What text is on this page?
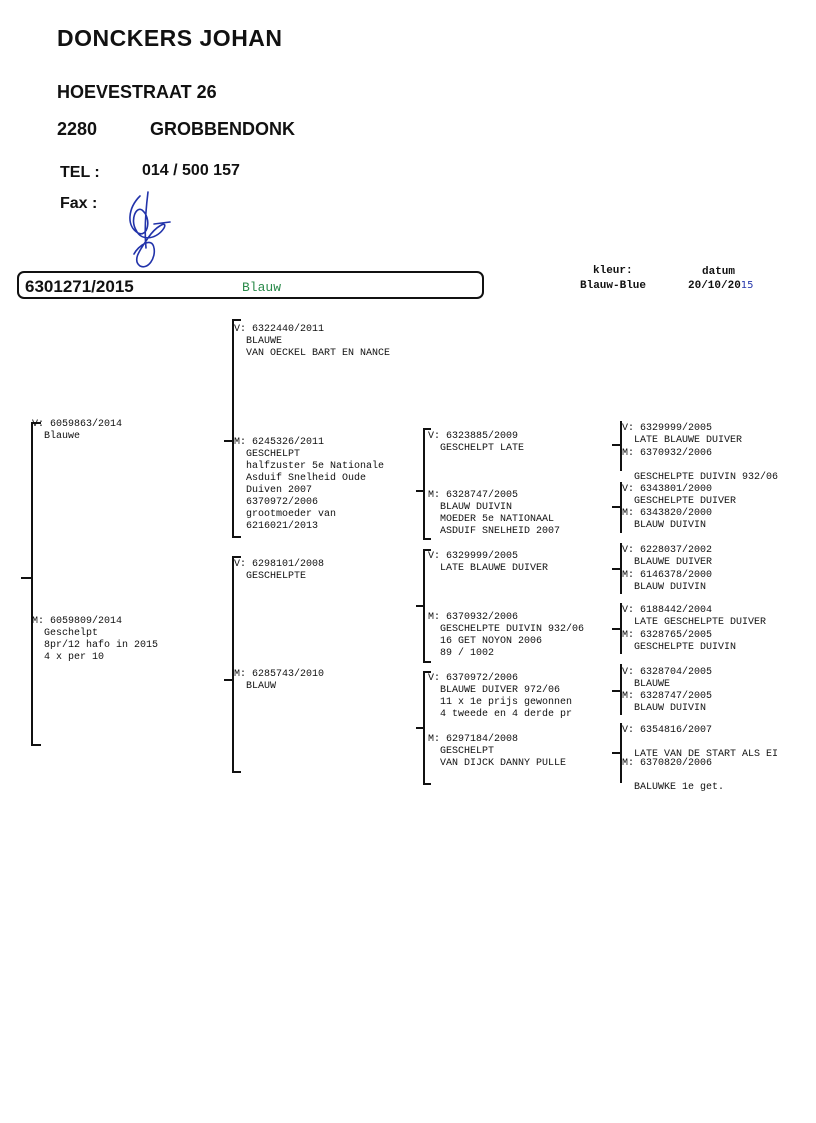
DONCKERS JOHAN
HOEVESTRAAT 26
2280	GROBBENDONK
TEL :	014 / 500 157
Fax :
6301271/2015	Blauw
kleur:
Blauw-Blue
datum
20/10/2015
V: 6059863/2014
Blauwe
M: 6059809/2014
Geschelpt
8pr/12 hafo in 2015
4 x per 10
V: 6322440/2011
BLAUWE
VAN OECKEL BART EN NANCE
M: 6245326/2011
GESCHELPT
halfzuster 5e Nationale
Asduif Snelheid Oude
Duiven 2007
6370972/2006
grootmoeder van
6216021/2013
V: 6298101/2008
GESCHELPTE
M: 6285743/2010
BLAUW
V: 6323885/2009
GESCHELPT LATE
M: 6328747/2005
BLAUW DUIVIN
MOEDER 5e NATIONAAL
ASDUIF SNELHEID 2007
V: 6329999/2005
LATE BLAUWE DUIVER
M: 6370932/2006
GESCHELPTE DUIVIN 932/06
16 GET NOYON 2006
89 / 1002
V: 6370972/2006
BLAUWE DUIVER 972/06
11 x 1e prijs gewonnen
4 tweede en 4 derde pr
M: 6297184/2008
GESCHELPT
VAN DIJCK DANNY PULLE
V: 6329999/2005
LATE BLAUWE DUIVER
M: 6370932/2006

GESCHELPTE DUIVIN 932/06
V: 6343801/2000
GESCHELPTE DUIVER
M: 6343820/2000
BLAUW DUIVIN
V: 6228037/2002
BLAUWE DUIVER
M: 6146378/2000
BLAUW DUIVIN
V: 6188442/2004
LATE GESCHELPTE DUIVER
M: 6328765/2005
GESCHELPTE DUIVIN
V: 6328704/2005
BLAUWE
M: 6328747/2005
BLAUW DUIVIN
V: 6354816/2007

LATE VAN DE START ALS EI
M: 6370820/2006

BALUWKE 1e get.
